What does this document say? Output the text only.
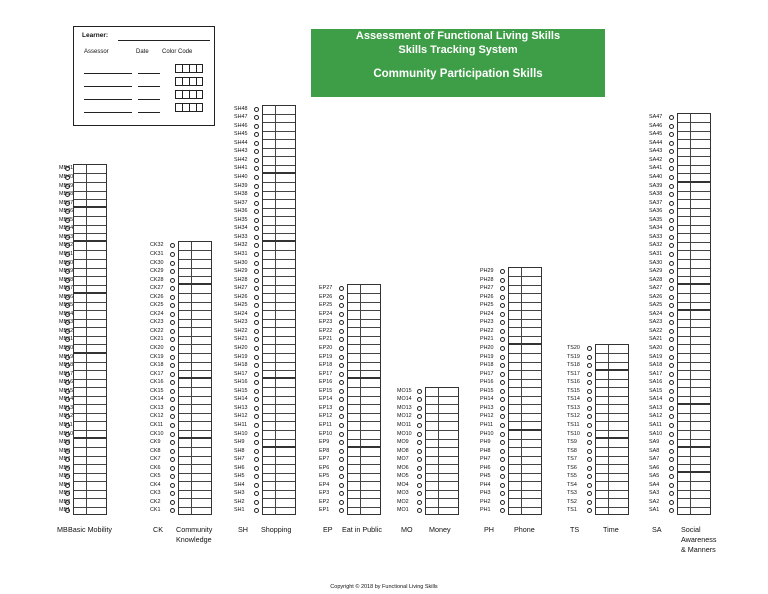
Learner:
Assessor	Date Color Code
Assessment of Functional Living Skills
Skills Tracking System
Community Participation Skills
MB1
MB2
MB3
MB4
MB5
MB6
MB7
MB8
MB9
MB10
MB11
MB12
MB13
MB14
MB15
MB16
MB17
MB18
MB19
MB20
MB21
MB22
MB23
MB24
MB25
MB26
MB27
MB28
MB29
MB30
MB31
MB32
MB33
MB34
MB35
MB36
MB37
MB38
MB39
MB40
MB41
CK1
CK2
CK3
CK4
CK5
CK6
CK7
CK8
CK9
CK10
CK11
CK12
CK13
CK14
CK15
CK16
CK17
CK18
CK19
CK20
CK21
CK22
CK23
CK24
CK25
CK26
CK27
CK28
CK29
CK30
CK31
CK32
SH1
SH2
SH3
SH4
SH5
SH6
SH7
SH8
SH9
SH10
SH11
SH12
SH13
SH14
SH15
SH16
SH17
SH18
SH19
SH20
SH21
SH22
SH23
SH24
SH25
SH26
SH27
SH28
SH29
SH30
SH31
SH32
SH33
SH34
SH35
SH36
SH37
SH38
SH39
SH40
SH41
SH42
SH43
SH44
SH45
SH46
SH47
SH48
EP1
EP2
EP3
EP4
EP5
EP6
EP7
EP8
EP9
EP10
EP11
EP12
EP13
EP14
EP15
EP16
EP17
EP18
EP19
EP20
EP21
EP22
EP23
EP24
EP25
EP26
EP27
MO1
MO2
MO3
MO4
MO5
MO6
MO7
MO8
MO9
MO10
MO11
MO12
MO13
MO14
MO15
PH1
PH2
PH3
PH4
PH5
PH6
PH7
PH8
PH9
PH10
PH11
PH12
PH13
PH14
PH15
PH16
PH17
PH18
PH19
PH20
PH21
PH22
PH23
PH24
PH25
PH26
PH27
PH28
PH29
TS1
TS2
TS3
TS4
TS5
TS6
TS7
TS8
TS9
TS10
TS11
TS12
TS13
TS14
TS15
TS16
TS17
TS18
TS19
TS20
SA1
SA2
SA3
SA4
SA5
SA6
SA7
SA8
SA9
SA10
SA11
SA12
SA13
SA14
SA15
SA16
SA17
SA18
SA19
SA20
SA21
SA22
SA23
SA24
SA25
SA26
SA27
SA28
SA29
SA30
SA31
SA32
SA33
SA34
SA35
SA36
SA37
SA38
SA39
SA40
SA41
SA42
SA43
SA44
SA45
SA46
SA47
MB Basic Mobility	CK Community
Knowledge
SH Shopping	EP Eat in Public	MO Money	PH	Phone	TS	Time	SA	Social
Awareness
& Manners
Copyright © 2018 by Functional Living Skills
